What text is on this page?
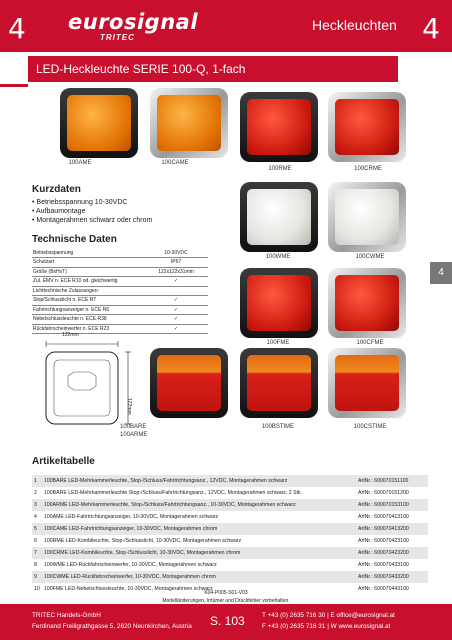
4 eurosignal
TRITEC
Heckleuchten 4
LED-Heckleuchte SERIE 100-Q, 1-fach
100AME	100CAME
100RME	100CRME
100WME	100CWME
100FME	100CFME
100BARE
100ARME
100BSTIME	100CSTIME
Kurzdaten
• Betriebsspannung 10-30VDC
• Aufbaumontage
• Montagerahmen schwarz oder chrom
Technische Daten
Betriebsspannung	10-30VDC
Schutzart	IP67
Größe (BxHxT)	122x122x31mm
Zul. EMV n. ECE R10 od. gleichwertig	✓
Lichttechnische Zulassungen:	
Stop/Schlusslicht n. ECE R7	✓
Fahrtrichtungsanzeiger n. ECE R6	✓
Nebelschlussleuchte n. ECE R38	✓
Rückfahrscheinwerfer n. ECE R23	✓
4
122mm
122mm
Artikeltabelle
1	100BARE LED-Mehrkammerleuchte, Stop-/Schluss/Fahrtrichtungsanz., 12VDC, Montagerahmen schwarz	ArtNr.: 600070151100
2	100BARE LED-Mehrkammerleuchte Stop-/Schluss/Fahrtrichtungsanz., 12VDC, Montagerahmen schwarz, 2 Stk.	ArtNr.: 600070151200
3	100ARME LED-Mehrkammerleuchte, Stop-/Schluss/Fahrtrichtungsanz., 10-30VDC, Montagerahmen schwarz	ArtNr.: 600070153100
4	100AME LED-Fahrtrichtungsanzeiger, 10-30VDC, Montagerahmen schwarz	ArtNr.: 600070413100
5	100CAME LED-Fahrtrichtungsanzeiger, 10-30VDC, Montagerahmen chrom	ArtNr.: 600070413200
6	100RME LED-Kombileuchte, Stop-/Schlusslicht, 10-30VDC, Montagerahmen schwarz	ArtNr.: 600070423100
7	100CRME LED-Kombileuchte, Stop-/Schlusslicht, 10-30VDC, Montagerahmen chrom	ArtNr.: 600070423200
8	100WME LED-Rückfahrscheinwerfer, 10-30VDC, Montagerahmen schwarz	ArtNr.: 600070433100
9	100CWME LED-Rückfahrscheinwerfer, 10-30VDC, Montagerahmen chrom	ArtNr.: 600070433200
10	100FME LED-Nebelschlussleuchte, 10-30VDC, Montagerahmen schwarz	ArtNr.: 600070443100
K04-P005-S01-V03
Modelländerungen, Irrtümer und Druckfehler vorbehalten.
TRITEC Handels-GmbH
Ferdinand Freiligrathgasse 5, 2620 Neunkirchen, Austria S. 103	T +43 (0) 2635 716 30 | E office@eurosignal.at
F +43 (0) 2635 716 31 | W www.eurosignal.at
